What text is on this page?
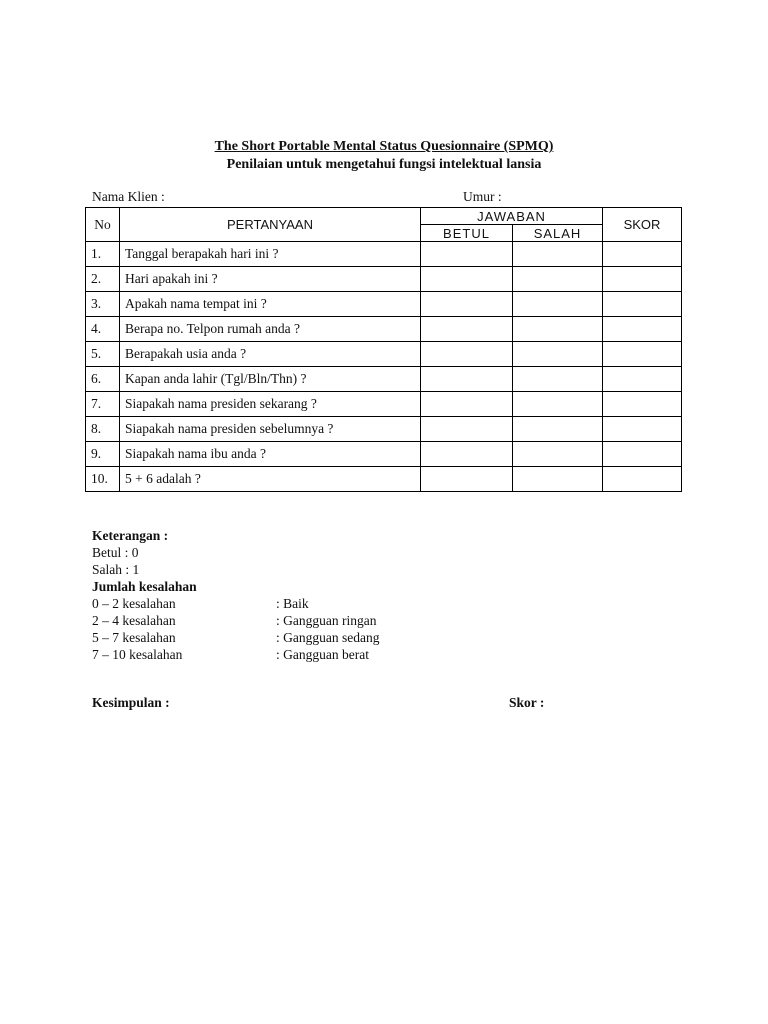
The Short Portable Mental Status Quesionnaire (SPMQ)
Penilaian untuk mengetahui fungsi intelektual lansia
Nama Klien :	Umur :
No	PERTANYAAN	JAWABAN		SKOR
		BETUL	SALAH	
1.	Tanggal berapakah hari ini ?			
2.	Hari apakah ini ?			
3.	Apakah nama tempat ini ?			
4.	Berapa no. Telpon rumah anda ?			
5.	Berapakah usia anda ?			
6.	Kapan anda lahir (Tgl/Bln/Thn) ?			
7.	Siapakah nama presiden sekarang ?			
8.	Siapakah nama presiden sebelumnya ?			
9.	Siapakah nama ibu anda ?			
10.	5 + 6 adalah ?			
Keterangan :
Betul : 0
Salah : 1
Jumlah kesalahan
0 – 2 kesalahan	: Baik
2 – 4 kesalahan	: Gangguan ringan
5 – 7 kesalahan	: Gangguan sedang
7 – 10 kesalahan	: Gangguan berat
Kesimpulan :	Skor :
